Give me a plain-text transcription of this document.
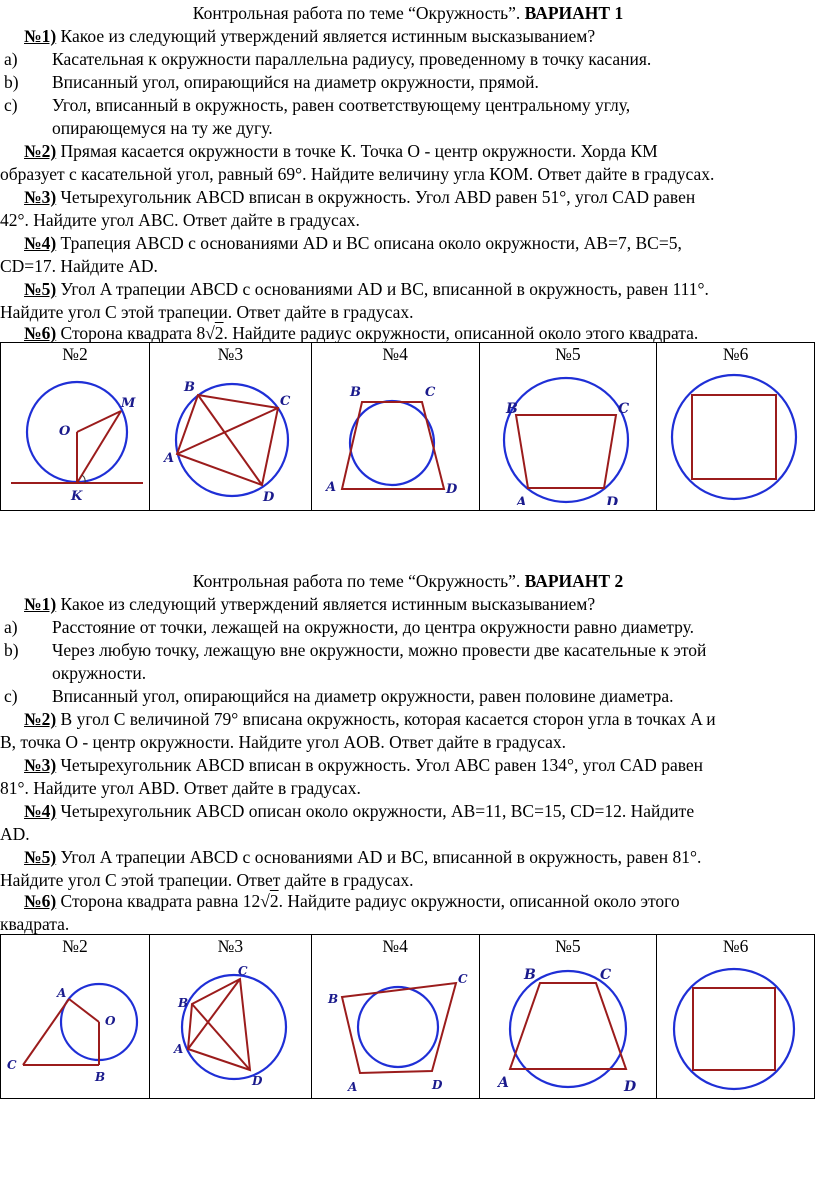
Контрольная работа по теме “Окружность”. ВАРИАНТ 1
№1) Какое из следующий утверждений является истинным высказыванием?
a) Касательная к окружности параллельна радиусу, проведенному в точку касания.
b) Вписанный угол, опирающийся на диаметр окружности, прямой.
c) Угол, вписанный в окружность, равен соответствующему центральному углу,
опирающемуся на ту же дугу.
№2) Прямая касается окружности в точке К. Точка О - центр окружности. Хорда КМ
образует с касательной угол, равный 69°. Найдите величину угла КОМ. Ответ дайте в градусах.
№3) Четырехугольник ABCD вписан в окружность. Угол ABD равен 51°, угол CAD равен
42°. Найдите угол ABC. Ответ дайте в градусах.
№4) Трапеция ABCD с основаниями AD и BC описана около окружности, AB=7, BC=5,
CD=17. Найдите AD.
№5) Угол A трапеции ABCD с основаниями AD и BC, вписанной в окружность, равен 111°.
Найдите угол C этой трапеции. Ответ дайте в градусах.
№6) Сторона квадрата 8√2. Найдите радиус окружности, описанной около этого квадрата.
№2
O
M
K

№3
B
C
A
D

№4
B	C
A	D

№5
B	C
A	D

№6
Контрольная работа по теме “Окружность”. ВАРИАНТ 2
№1) Какое из следующий утверждений является истинным высказыванием?
a) Расстояние от точки, лежащей на окружности, до центра окружности равно диаметру.
b) Через любую точку, лежащую вне окружности, можно провести две касательные к этой
окружности.
c) Вписанный угол, опирающийся на диаметр окружности, равен половине диаметра.
№2) В угол С величиной 79° вписана окружность, которая касается сторон угла в точках A и
B, точка O - центр окружности. Найдите угол AOB. Ответ дайте в градусах.
№3) Четырехугольник ABCD вписан в окружность. Угол ABC равен 134°, угол CAD равен
81°. Найдите угол ABD. Ответ дайте в градусах.
№4) Четырехугольник ABCD описан около окружности, AB=11, BC=15, CD=12. Найдите
AD.
№5) Угол A трапеции ABCD с основаниями AD и BC, вписанной в окружность, равен 81°.
Найдите угол C этой трапеции. Ответ дайте в градусах.
№6) Сторона квадрата равна 12√2. Найдите радиус окружности, описанной около этого
квадрата.
№2
A
O
C
B

№3
B
C
A
D

№4
B
C
A	D

№5
B	C
A	D

№6
